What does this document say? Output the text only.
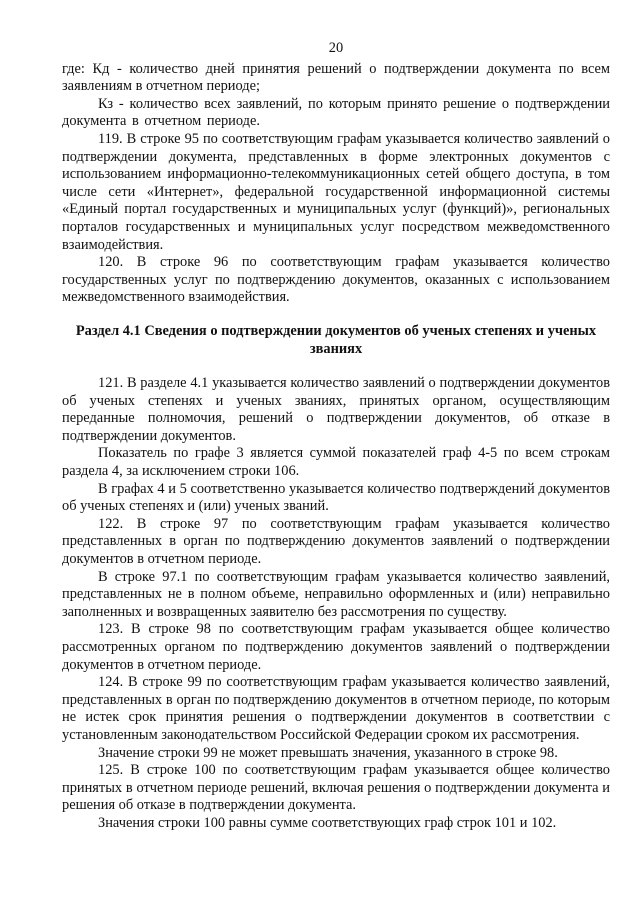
20

где: Кд - количество дней принятия решений о подтверждении документа по всем заявлениям в отчетном периоде;

Кз - количество всех заявлений, по которым принято решение о подтверждении документа в отчетном периоде.

119. В строке 95 по соответствующим графам указывается количество заявлений о подтверждении документа, представленных в форме электронных документов с использованием информационно-телекоммуникационных сетей общего доступа, в том числе сети «Интернет», федеральной государственной информационной системы «Единый портал государственных и муниципальных услуг (функций)», региональных порталов государственных и муниципальных услуг посредством межведомственного взаимодействия.

120. В строке 96 по соответствующим графам указывается количество государственных услуг по подтверждению документов, оказанных с использованием межведомственного взаимодействия.

Раздел 4.1 Сведения о подтверждении документов об ученых степенях и ученых званиях

121. В разделе 4.1 указывается количество заявлений о подтверждении документов об ученых степенях и ученых званиях, принятых органом, осуществляющим переданные полномочия, решений о подтверждении документов, об отказе в подтверждении документов.

Показатель по графе 3 является суммой показателей граф 4-5 по всем строкам раздела 4, за исключением строки 106.

В графах 4 и 5 соответственно указывается количество подтверждений документов об ученых степенях и (или) ученых званий.

122. В строке 97 по соответствующим графам указывается количество представленных в орган по подтверждению документов заявлений о подтверждении документов в отчетном периоде.

В строке 97.1 по соответствующим графам указывается количество заявлений, представленных не в полном объеме, неправильно оформленных и (или) неправильно заполненных и возвращенных заявителю без рассмотрения по существу.

123. В строке 98 по соответствующим графам указывается общее количество рассмотренных органом по подтверждению документов заявлений о подтверждении документов в отчетном периоде.

124. В строке 99 по соответствующим графам указывается количество заявлений, представленных в орган по подтверждению документов в отчетном периоде, по которым не истек срок принятия решения о подтверждении документов в соответствии с установленным законодательством Российской Федерации сроком их рассмотрения.

Значение строки 99 не может превышать значения, указанного в строке 98.

125. В строке 100 по соответствующим графам указывается общее количество принятых в отчетном периоде решений, включая решения о подтверждении документа и решения об отказе в подтверждении документа.

Значения строки 100 равны сумме соответствующих граф строк 101 и 102.
